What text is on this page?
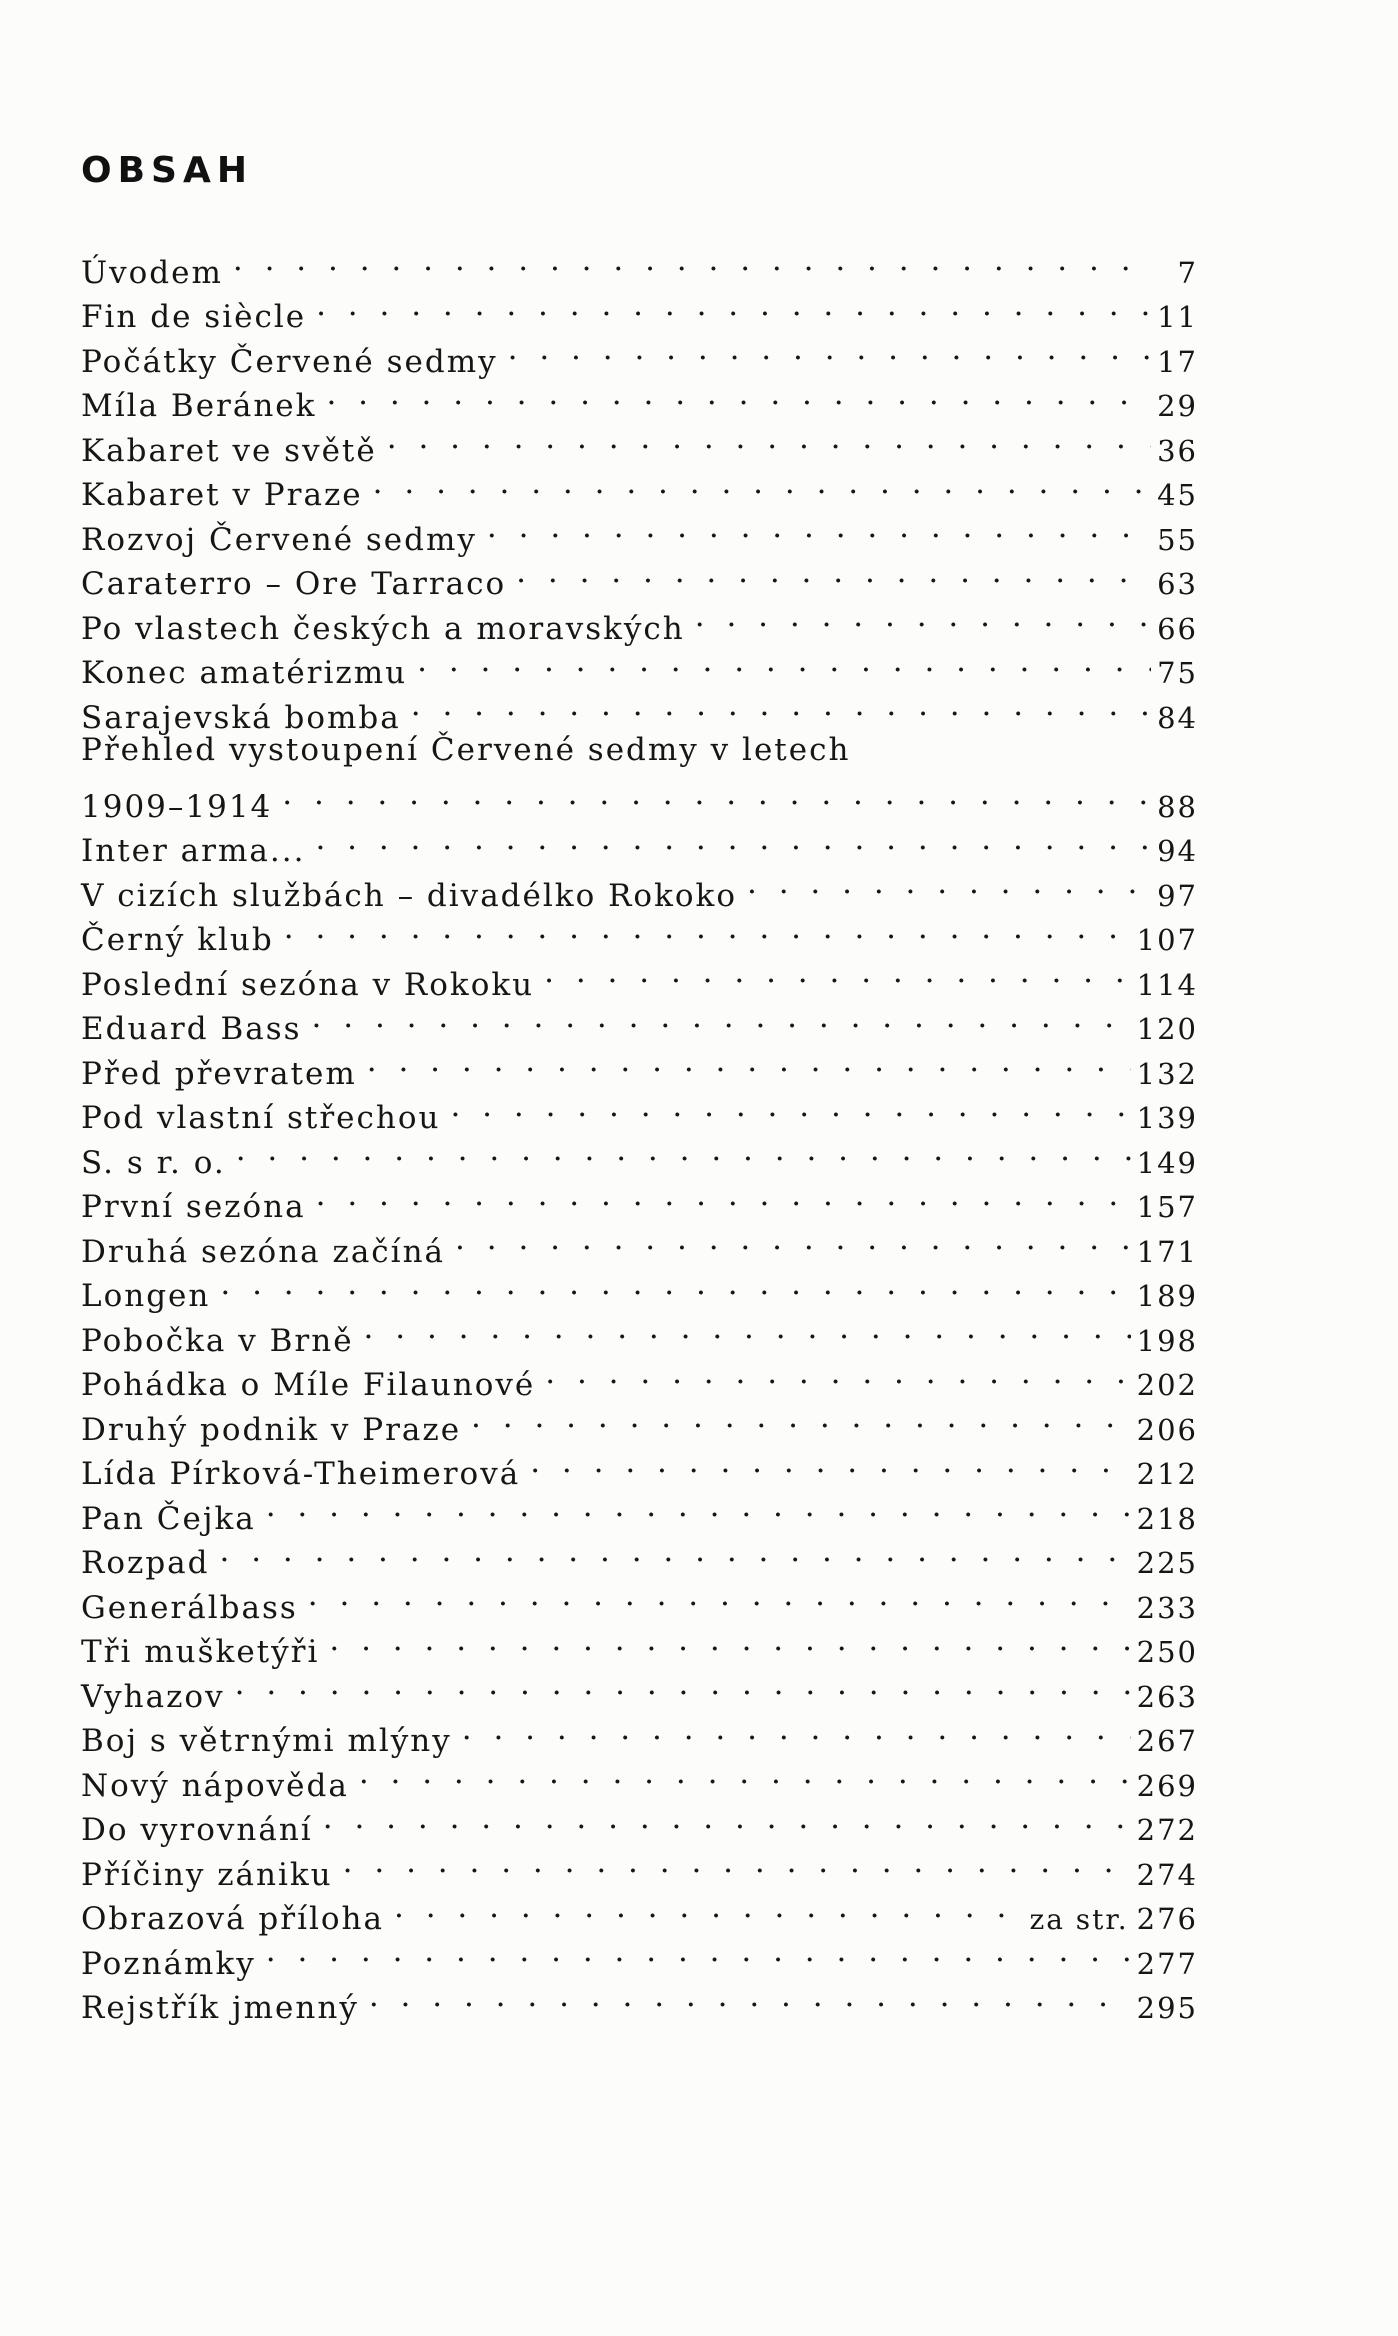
OBSAH
Úvodem . . .	7
Fin de siècle . . .	11
Počátky Červené sedmy . . .	17
Míla Beránek . . .	29
Kabaret ve světě . . .	36
Kabaret v Praze . . .	45
Rozvoj Červené sedmy . . .	55
Caraterro – Ore Tarraco . . .	63
Po vlastech českých a moravských . . .	66
Konec amatérizmu . . .	75
Sarajevská bomba . . .	84
Přehled vystoupení Červené sedmy v letech
1909–1914 . . .	88
Inter arma... . . .	94
V cizích službách – divadélko Rokoko . . .	97
Černý klub . . .	107
Poslední sezóna v Rokoku . . .	114
Eduard Bass . . .	120
Před převratem . . .	132
Pod vlastní střechou . . .	139
S. s r. o. . . .	149
První sezóna . . .	157
Druhá sezóna začíná . . .	171
Longen . . .	189
Pobočka v Brně . . .	198
Pohádka o Míle Filaunové . . .	202
Druhý podnik v Praze . . .	206
Lída Pírková-Theimerová . . .	212
Pan Čejka . . .	218
Rozpad . . .	225
Generálbass . . .	233
Tři mušketýři . . .	250
Vyhazov . . .	263
Boj s větrnými mlýny . . .	267
Nový nápověda . . .	269
Do vyrovnání . . .	272
Příčiny zániku . . .	274
Obrazová příloha . . .	za str. 276
Poznámky . . .	277
Rejstřík jmenný . . .	295
